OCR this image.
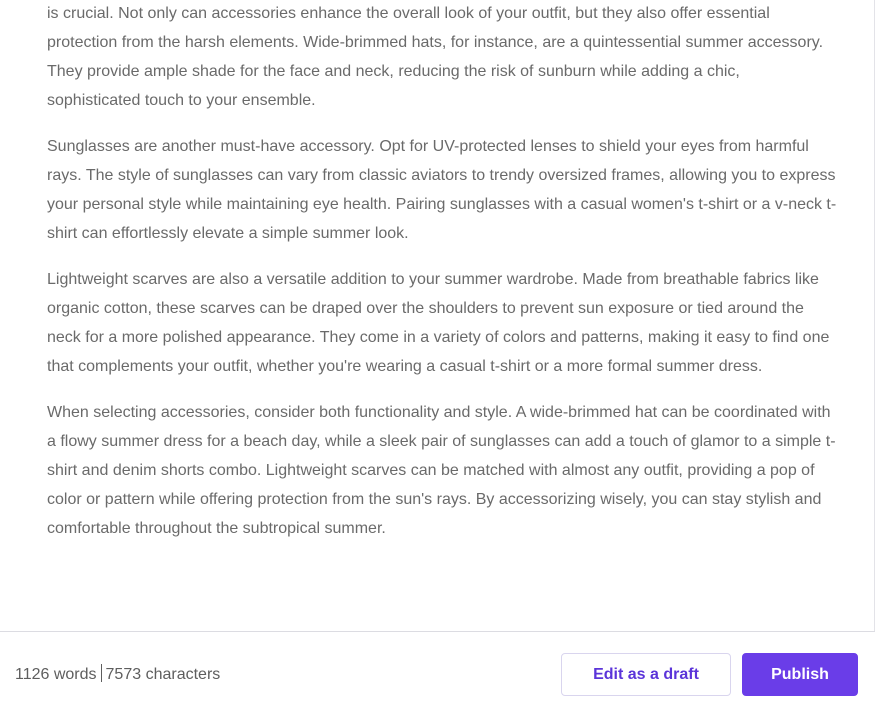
is crucial. Not only can accessories enhance the overall look of your outfit, but they also offer essential protection from the harsh elements. Wide-brimmed hats, for instance, are a quintessential summer accessory. They provide ample shade for the face and neck, reducing the risk of sunburn while adding a chic, sophisticated touch to your ensemble.

Sunglasses are another must-have accessory. Opt for UV-protected lenses to shield your eyes from harmful rays. The style of sunglasses can vary from classic aviators to trendy oversized frames, allowing you to express your personal style while maintaining eye health. Pairing sunglasses with a casual women's t-shirt or a v-neck t-shirt can effortlessly elevate a simple summer look.

Lightweight scarves are also a versatile addition to your summer wardrobe. Made from breathable fabrics like organic cotton, these scarves can be draped over the shoulders to prevent sun exposure or tied around the neck for a more polished appearance. They come in a variety of colors and patterns, making it easy to find one that complements your outfit, whether you're wearing a casual t-shirt or a more formal summer dress.

When selecting accessories, consider both functionality and style. A wide-brimmed hat can be coordinated with a flowy summer dress for a beach day, while a sleek pair of sunglasses can add a touch of glamor to a simple t-shirt and denim shorts combo. Lightweight scarves can be matched with almost any outfit, providing a pop of color or pattern while offering protection from the sun's rays. By accessorizing wisely, you can stay stylish and comfortable throughout the subtropical summer.

1126 words 7573 characters	Edit as a draft	Publish
